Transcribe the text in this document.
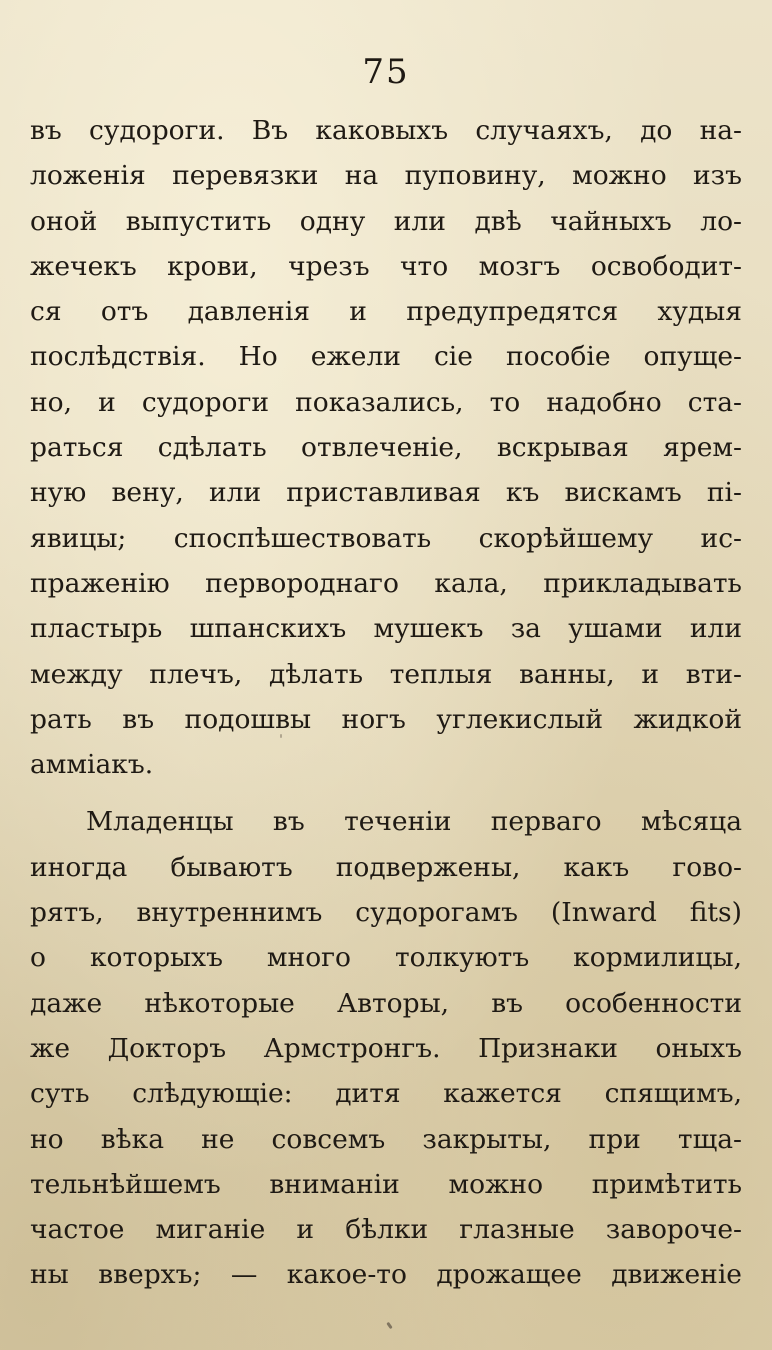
75
въ судороги. Въ каковыхъ случаяхъ, до на-
ложенія перевязки на пуповину, можно изъ
оной выпустить одну или двѣ чайныхъ ло-
жечекъ крови, чрезъ что мозгъ освободит-
ся отъ давленія и предупредятся худыя
послѣдствія. Но ежели сіе пособіе опуще-
но, и судороги показались, то надобно ста-
раться сдѣлать отвлеченіе, вскрывая ярем-
ную вену, или приставливая къ вискамъ пі-
явицы; споспѣшествовать скорѣйшему ис-
праженію первороднаго кала, прикладывать
пластырь шпанскихъ мушекъ за ушами или
между плечъ, дѣлать теплыя ванны, и вти-
рать въ подошвы ногъ углекислый жидкой
амміакъ.
Младенцы въ теченіи перваго мѣсяца
иногда бываютъ подвержены, какъ гово-
рятъ, внутреннимъ судорогамъ (Inward fits)
о которыхъ много толкуютъ кормилицы,
даже нѣкоторые Авторы, въ особенности
же Докторъ Армстронгъ. Признаки оныхъ
суть слѣдующіе: дитя кажется спящимъ,
но вѣка не совсемъ закрыты, при тща-
тельнѣйшемъ вниманіи можно примѣтить
частое миганіе и бѣлки глазные завороче-
ны вверхъ; — какое-то дрожащее движеніе
